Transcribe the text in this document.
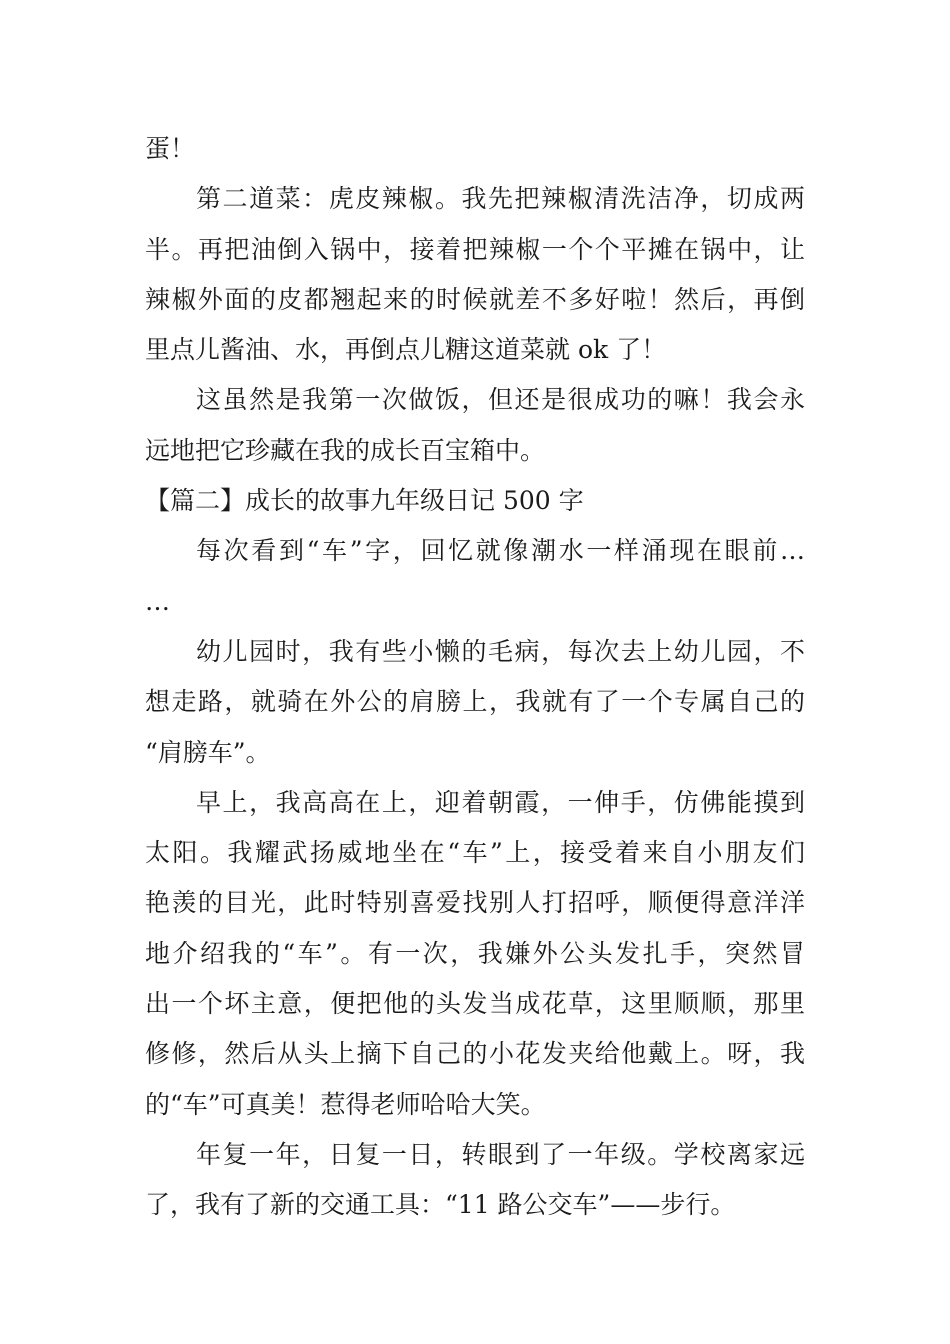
蛋！
第二道菜：虎皮辣椒。我先把辣椒清洗洁净，切成两
半。再把油倒入锅中，接着把辣椒一个个平摊在锅中，让
辣椒外面的皮都翘起来的时候就差不多好啦！然后，再倒
里点儿酱油、水，再倒点儿糖这道菜就 ok 了！
这虽然是我第一次做饭，但还是很成功的嘛！我会永
远地把它珍藏在我的成长百宝箱中。
【篇二】成长的故事九年级日记 500 字
每次看到“车”字，回忆就像潮水一样涌现在眼前…
…
幼儿园时，我有些小懒的毛病，每次去上幼儿园，不
想走路，就骑在外公的肩膀上，我就有了一个专属自己的
“肩膀车”。
早上，我高高在上，迎着朝霞，一伸手，仿佛能摸到
太阳。我耀武扬威地坐在“车”上，接受着来自小朋友们
艳羡的目光，此时特别喜爱找别人打招呼，顺便得意洋洋
地介绍我的“车”。有一次，我嫌外公头发扎手，突然冒
出一个坏主意，便把他的头发当成花草，这里顺顺，那里
修修，然后从头上摘下自己的小花发夹给他戴上。呀，我
的“车”可真美！惹得老师哈哈大笑。
年复一年，日复一日，转眼到了一年级。学校离家远
了，我有了新的交通工具：“11 路公交车”——步行。
